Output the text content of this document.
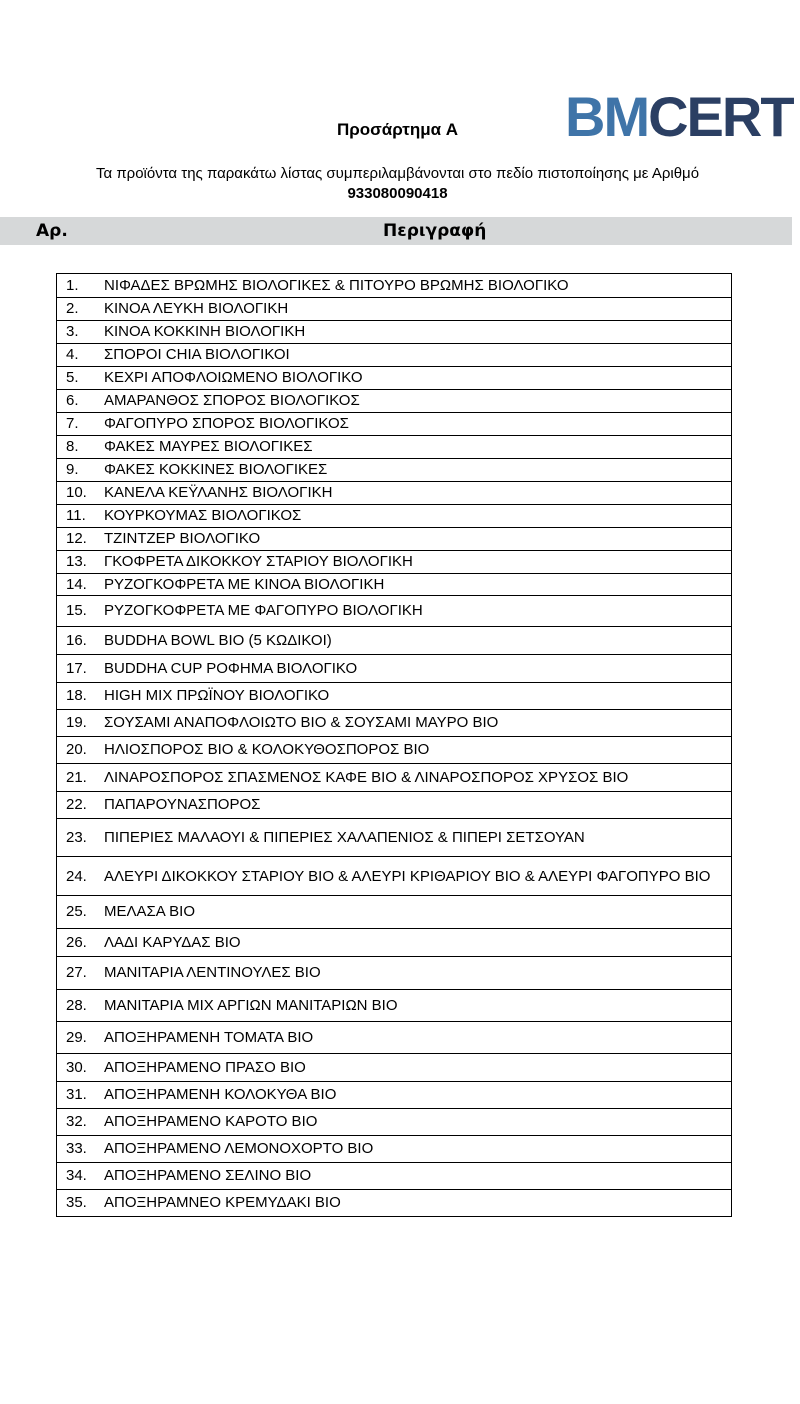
BMCERT
Προσάρτημα A
Τα προϊόντα της παρακάτω λίστας συμπεριλαμβάνονται στο πεδίο πιστοποίησης με Αριθμό
933080090418
Αρ.	Περιγραφή
1.	ΝΙΦΑΔΕΣ ΒΡΩΜΗΣ ΒΙΟΛΟΓΙΚΕΣ & ΠΙΤΟΥΡΟ ΒΡΩΜΗΣ ΒΙΟΛΟΓΙΚΟ
2.	ΚΙΝΟΑ ΛΕΥΚΗ ΒΙΟΛΟΓΙΚΗ
3.	ΚΙΝΟΑ ΚΟΚΚΙΝΗ ΒΙΟΛΟΓΙΚΗ
4.	ΣΠΟΡΟΙ CHIA ΒΙΟΛΟΓΙΚΟΙ
5.	ΚΕΧΡΙ ΑΠΟΦΛΟΙΩΜΕΝΟ ΒΙΟΛΟΓΙΚΟ
6.	ΑΜΑΡΑΝΘΟΣ ΣΠΟΡΟΣ ΒΙΟΛΟΓΙΚΟΣ
7.	ΦΑΓΟΠΥΡΟ ΣΠΟΡΟΣ ΒΙΟΛΟΓΙΚΟΣ
8.	ΦΑΚΕΣ ΜΑΥΡΕΣ ΒΙΟΛΟΓΙΚΕΣ
9.	ΦΑΚΕΣ ΚΟΚΚΙΝΕΣ ΒΙΟΛΟΓΙΚΕΣ
10.	ΚΑΝΕΛΑ ΚΕΫΛΑΝΗΣ ΒΙΟΛΟΓΙΚΗ
11.	ΚΟΥΡΚΟΥΜΑΣ ΒΙΟΛΟΓΙΚΟΣ
12.	ΤΖΙΝΤΖΕΡ ΒΙΟΛΟΓΙΚΟ
13.	ΓΚΟΦΡΕΤΑ ΔΙΚΟΚΚΟΥ ΣΤΑΡΙΟΥ ΒΙΟΛΟΓΙΚΗ
14.	ΡΥΖΟΓΚΟΦΡΕΤΑ ΜΕ ΚΙΝΟΑ ΒΙΟΛΟΓΙΚΗ
15.	ΡΥΖΟΓΚΟΦΡΕΤΑ ΜΕ ΦΑΓΟΠΥΡΟ ΒΙΟΛΟΓΙΚΗ
16.	BUDDHA BOWL BIO (5 ΚΩΔΙΚΟΙ)
17.	BUDDHA CUP ΡΟΦΗΜΑ ΒΙΟΛΟΓΙΚΟ
18.	HIGH MIX ΠΡΩΪΝΟΥ ΒΙΟΛΟΓΙΚΟ
19.	ΣΟΥΣΑΜΙ ΑΝΑΠΟΦΛΟΙΩΤΟ ΒΙΟ & ΣΟΥΣΑΜΙ ΜΑΥΡΟ ΒΙΟ
20.	ΗΛΙΟΣΠΟΡΟΣ ΒΙΟ & ΚΟΛΟΚΥΘΟΣΠΟΡΟΣ ΒΙΟ
21.	ΛΙΝΑΡΟΣΠΟΡΟΣ ΣΠΑΣΜΕΝΟΣ ΚΑΦΕ ΒΙΟ & ΛΙΝΑΡΟΣΠΟΡΟΣ ΧΡΥΣΟΣ ΒΙΟ
22.	ΠΑΠΑΡΟΥΝΑΣΠΟΡΟΣ
23.	ΠΙΠΕΡΙΕΣ ΜΑΛΑΟΥΙ & ΠΙΠΕΡΙΕΣ ΧΑΛΑΠΕΝΙΟΣ & ΠΙΠΕΡΙ ΣΕΤΣΟΥΑΝ
24.	ΑΛΕΥΡΙ ΔΙΚΟΚΚΟΥ ΣΤΑΡΙΟΥ ΒΙΟ & ΑΛΕΥΡΙ ΚΡΙΘΑΡΙΟΥ ΒΙΟ & ΑΛΕΥΡΙ ΦΑΓΟΠΥΡΟ ΒΙΟ
25.	ΜΕΛΑΣΑ ΒΙΟ
26.	ΛΑΔΙ ΚΑΡΥΔΑΣ ΒΙΟ
27.	ΜΑΝΙΤΑΡΙΑ ΛΕΝΤΙΝΟΥΛΕΣ ΒΙΟ
28.	ΜΑΝΙΤΑΡΙΑ ΜΙΧ ΑΡΓΙΩΝ ΜΑΝΙΤΑΡΙΩΝ ΒΙΟ
29.	ΑΠΟΞΗΡΑΜΕΝΗ ΤΟΜΑΤΑ ΒΙΟ
30.	ΑΠΟΞΗΡΑΜΕΝΟ ΠΡΑΣΟ ΒΙΟ
31.	ΑΠΟΞΗΡΑΜΕΝΗ ΚΟΛΟΚΥΘΑ ΒΙΟ
32.	ΑΠΟΞΗΡΑΜΕΝΟ ΚΑΡΟΤΟ ΒΙΟ
33.	ΑΠΟΞΗΡΑΜΕΝΟ ΛΕΜΟΝΟΧΟΡΤΟ ΒΙΟ
34.	ΑΠΟΞΗΡΑΜΕΝΟ ΣΕΛΙΝΟ ΒΙΟ
35.	ΑΠΟΞΗΡΑΜΝΕΟ ΚΡΕΜΥΔΑΚΙ ΒΙΟ
